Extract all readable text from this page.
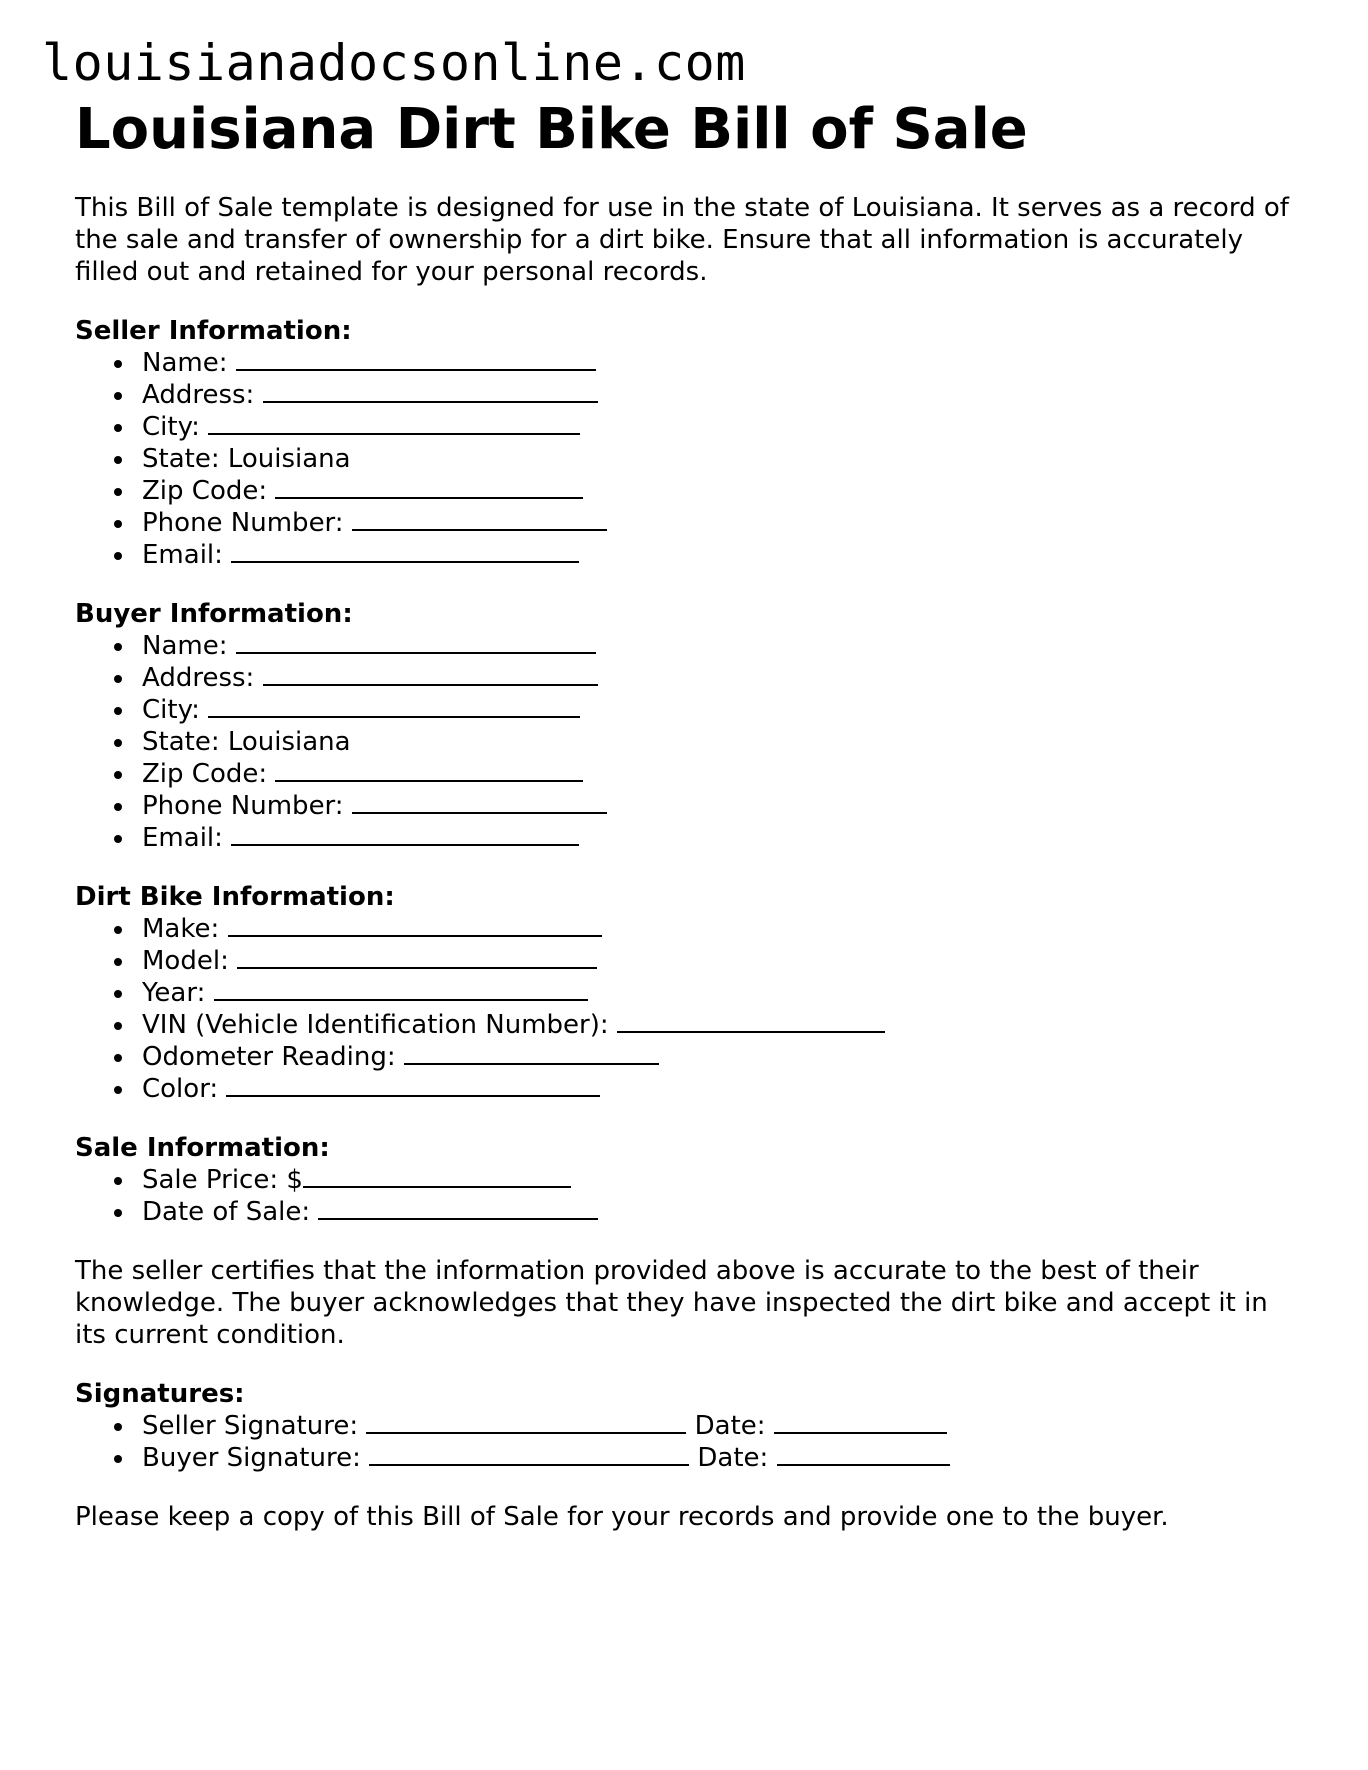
louisianadocsonline.com
Louisiana Dirt Bike Bill of Sale

This Bill of Sale template is designed for use in the state of Louisiana. It serves as a record of the sale and transfer of ownership for a dirt bike. Ensure that all information is accurately filled out and retained for your personal records.

Seller Information:

Name:
Address:
City:
State: Louisiana
Zip Code:
Phone Number:
Email:

Buyer Information:

Name:
Address:
City:
State: Louisiana
Zip Code:
Phone Number:
Email:

Dirt Bike Information:

Make:
Model:
Year:
VIN (Vehicle Identification Number):
Odometer Reading:
Color:

Sale Information:

Sale Price: $
Date of Sale:

The seller certifies that the information provided above is accurate to the best of their knowledge. The buyer acknowledges that they have inspected the dirt bike and accept it in its current condition.

Signatures:

Seller Signature:	Date:
Buyer Signature:	Date:

Please keep a copy of this Bill of Sale for your records and provide one to the buyer.
